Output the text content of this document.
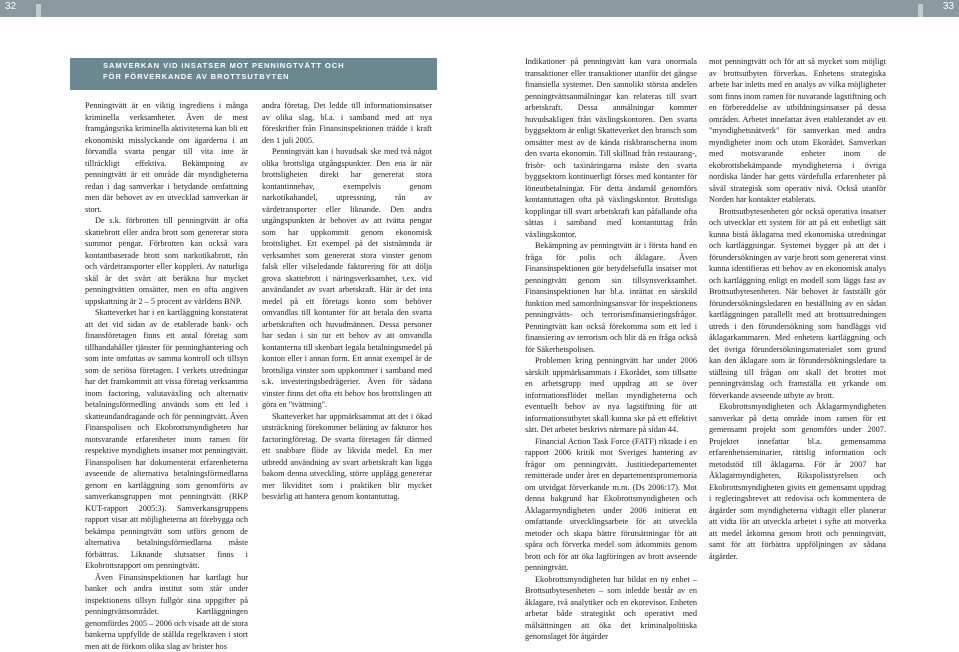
32	33
SAMVERKAN VID INSATSER MOT PENNINGTVÄTT OCH
FÖR FÖRVERKANDE AV BROTTSUTBYTEN

Penningtvätt är en viktig ingrediens i många kriminella verksamheter. Även de mest framgångsrika kriminella aktiviteterna kan bli ett ekonomiskt misslyckande om ägarderna i att förvandla svarta pengar till vita inte är tillräckligt effektiva. Bekämpning av penningtvätt är ett område där myndigheterna redan i dag samverkar i betydande omfattning men där behovet av en utvecklad samverkan är stort.

De s.k. förbrotten till penningtvätt är ofta skattebrott eller andra brott som genererar stora summor pengar. Förbrotten kan också vara kontantbaserade brott som narkotikabrott, rån och värdetransporter eller koppleri. Av naturliga skäl är det svårt att beräkna hur mycket penningtvätten omsätter, men en ofta angiven uppskattning är 2 – 5 procent av världens BNP.

Skatteverket har i en kartläggning konstaterat att det vid sidan av de etablerade bank- och finansföretagen finns ett antal företag som tillhandahåller tjänster för penninghantering och som inte omfattas av samma kontroll och tillsyn som de seriösa företagen. I verkets utredningar har det framkommit att vissa företag verksamma inom factoring, valutaväxling och alternativ betalningsförmedling används som ett led i skatteundandragande och för penningtvätt. Även Finanspolisen och Ekobrottsmyndigheten har motsvarande erfarenheter inom ramen för respektive myndighets insatser mot penningtvätt. Finanspolisen har dokumenterat erfarenheterna avseende de alternativa betalningsförmedlarna genom en kartläggning som genomförts av samverkansgruppen mot penningtvätt (RKP KUT-rapport 2005:3). Samverkansgruppens rapport visar att möjligheterna att förebygga och bekämpa penningtvätt som utförs genom de alternativa betalningsförmedlarna måste förbättras. Liknande slutsatser finns i Ekobrottsrapport om penningtvätt.

Även Finansinspektionen har kartlagt hur banker och andra institut som står under inspektionens tillsyn fullgör sina uppgifter på penningtvättsområdet. Kartläggningen genomfördes 2005 – 2006 och visade att de stora bankerna uppfyllde de ställda regelkraven i stort men att de förkom olika slag av brister hos

andra företag. Det ledde till informationsinsatser av olika slag, bl.a. i samband med att nya föreskrifter från Finansinspektionen trädde i kraft den 1 juli 2005.

Penningtvätt kan i huvudsak ske med två något olika brottsliga utgångspunkter. Den ena är när brottsligheten direkt har genererat stora kontantinnehav, exempelvis genom narkotikahandel, utpressning, rån av värdetransporter eller liknande. Den andra utgångspunkten är behovet av att tvätta pengar som har uppkommit genom ekonomisk brottslighet. Ett exempel på det sistnämnda är verksamhet som genererat stora vinster genom falsk eller vilseledande fakturering för att dölja grova skattebrott i näringsverksamhet, t.ex. vid användandet av svart arbetskraft. Här är det inta medel på ett företags konto som behöver omvandlas till kontanter för att betala den svarta arbetskraften och huvudmännen. Dessa personer har sedan i sin tur ett behov av att omvandla kontanterna till skenbart legala betalningsmedel på konton eller i annan form. Ett annat exempel är de brottsliga vinster som uppkommer i samband med s.k. investeringsbedrägerier. Även för sådana vinster finns det ofta ett behov hos brottslingen att göra en "tvättning".

Skatteverket har uppmärksammat att det i ökad utsträckning förekommer beläning av fakturor hos factoringföretag. De svarta företagen får därmed ett snabbare flöde av likvida medel. En mer utbredd användning av svart arbetskraft kan ligga bakom denna utveckling, större upplägg genererar mer likviditet som i praktiken blir mycket besvärlig att hantera genom kontantuttag.

Indikationer på penningtvätt kan vara onormala transaktioner eller transaktioner utanför det gängse finansiella systemet. Den sannolikt största andelen penningtvättsanmälningar kan relateras till svart arbetskraft. Dessa anmälningar kommer huvudsakligen från växlingskontoren. Den svarta byggsektorn är enligt Skatteverket den bransch som omsätter mest av de kända riskbranscherna inom den svarta ekonomin. Till skillnad från restaurang-, frisör- och taxinäringarna måste den svarta byggsektorn kontinuerligt förses med kontanter för löneutbetalningar. För detta ändamål genomförs kontantuttagen ofta på växlingskontor. Brottsliga kopplingar till svart arbetskraft kan påfallande ofta sättas i samband med kontantuttag från växlingskontor.

Bekämpning av penningtvätt är i första hand en fråga för polis och åklagare. Även Finansinspektionen gör betydelsefulla insatser mot penningtvätt genom sin tillsynsverksamhet. Finansinspektionen har bl.a. inrättat en särskild funktion med samordningsansvar för inspektionens penningtvätts- och terrorismfinansieringsfrågor. Penningtvätt kan också förekomma som ett led i finansiering av terrorism och blir då en fråga också för Säkerhetspolisen.

Problemen kring penningtvätt har under 2006 särskilt uppmärksammats i Ekorådet, som tillsatte en arbetsgrupp med uppdrag att se över informationsflödet mellan myndigheterna och eventuellt behov av nya lagstiftning för att informationsutbytet skall kunna ske på ett effektivt sätt. Det arbetet beskrivs närmare på sidan 44.

Financial Action Task Force (FATF) riktade i en rapport 2006 kritik mot Sveriges hantering av frågor om penningtvätt. Justitiedepartementet remitterade under året en departementspromemoria om utvidgat förverkande m.m. (Ds 2006:17). Mot denna bakgrund har Ekobrottsmyndigheten och Åklagarmyndigheten under 2006 initierat ett omfattande utvecklingsarbete för att utveckla metoder och skapa bättre förutsättningar för att spåra och förverka medel som åtkommits genom brott och för att öka lagföringen av brott avseende penningtvätt.

Ekobrottsmyndigheten har bildat en ny enhet – Brottsutbytesenheten – som inledde består av en åklagare, två analytiker och en ekorevisor. Enheten arbetar både strategiskt och operativt med målsättningen att öka det kriminalpolitiska genomslaget för åtgärder

mot penningtvätt och för att så mycket som möjligt av brottsutbyten förverkas. Enhetens strategiska arbete har inletts med en analys av vilka möjligheter som finns inom ramen för nuvarande lagstiftning och en förbereddelse av utbildningsinsatser på dessa områden. Arbetet innefattar även etablerandet av ett "myndighetsnätverk" för samverkan med andra myndigheter inom och utom Ekorådet. Samverkan med motsvarande enheter inom de ekobrottsbekämpande myndigheterna i övriga nordiska länder har getts värdefulla erfarenheter på såväl strategisk som operativ nivå. Också utanför Norden har kontakter etablerats.

Brottsutbytesenheten gör också operativa insatser och utvecklar ett system för att på ett enhetligt sätt kunna bistå åklagarna med ekonomiska utredningar och kartläggningar. Systemet bygger på att det i förundersökningen av varje brott som genererat vinst kunna identifieras ett behov av en ekonomisk analys och kartläggning enligt en modell som läggs fast av Brottsutbytesenheten. När behovet är fastställt gör förundersökningsledaren en beställning av en sådan kartläggningen parallellt med att brottsutredningen utreds i den förundersökning som handläggs vid åklagarkammaren. Med enhetens kartläggning och det övriga förundersökningsmaterialet som grund kan den åklagare som är förundersökningsledare ta ställning till frågan om skall det brottet mot penningtvättslag och framställa ett yrkande om förverkande avseende utbyte av brott.

Ekobrottsmyndigheten och Åklagarmyndigheten samverkar på detta område inom ramen för ett gemensamt projekt som genomförs under 2007. Projektet innefattar bl.a. gemensamma erfarenhetsseminarier, rättslig information och metodstöd till åklagarna. För år 2007 har Åklagarmyndigheten, Rikspolisstyrelsen och Ekobrottsmyndigheten givits ett gemensamt uppdrag i regleringsbrevet att redovisa och kommentera de åtgärder som myndigheterna vidtagit eller planerar att vidta för att utveckla arbetet i syfte att motverka att medel åtkomna genom brott och penningtvätt, samt för att förbättra uppföljningen av sådana åtgärder.
